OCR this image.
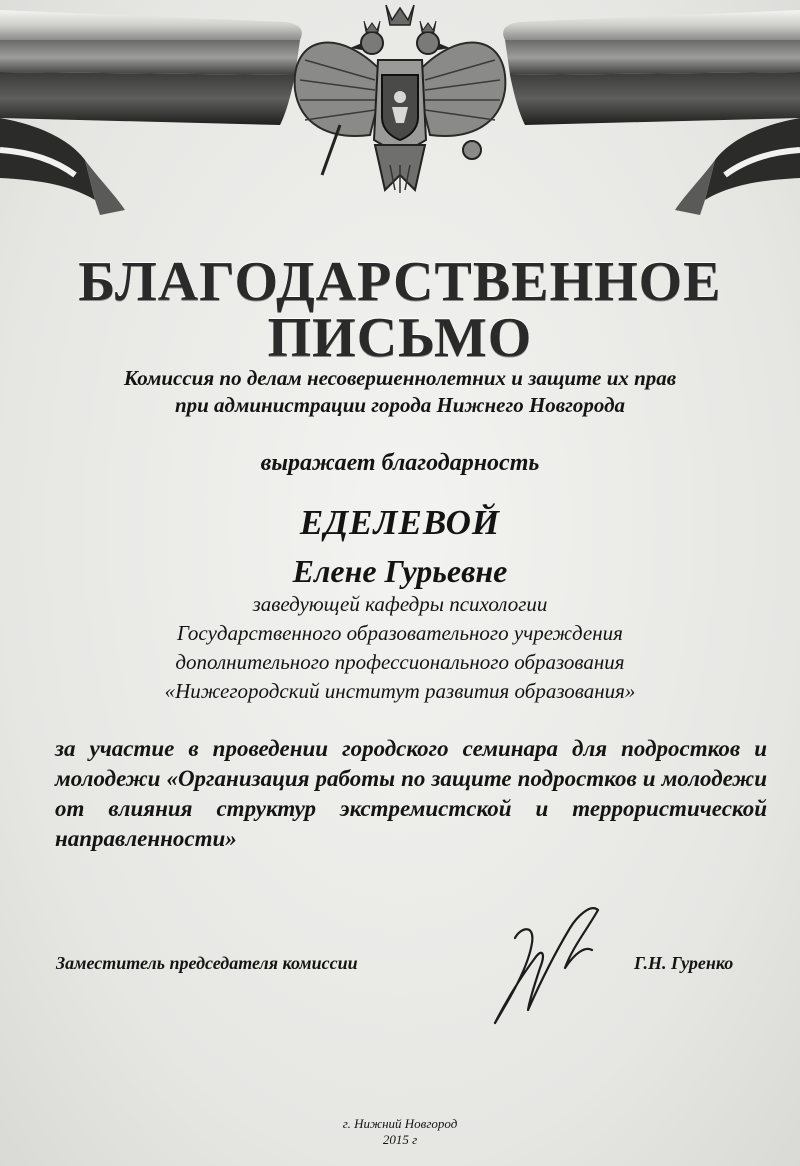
БЛАГОДАРСТВЕННОЕ
ПИСЬМО
Комиссия по делам несовершеннолетних и защите их прав
при администрации города Нижнего Новгорода
выражает благодарность
ЕДЕЛЕВОЙ
Елене Гурьевне
заведующей кафедры психологии
Государственного образовательного учреждения
дополнительного профессионального образования
«Нижегородский институт развития образования»
за участие в проведении городского семинара для подростков и молодежи «Организация работы по защите подростков и молодежи от влияния структур экстремистской и террористической направленности»
Заместитель председателя комиссии	Г.Н. Гуренко
г. Нижний Новгород
2015 г
